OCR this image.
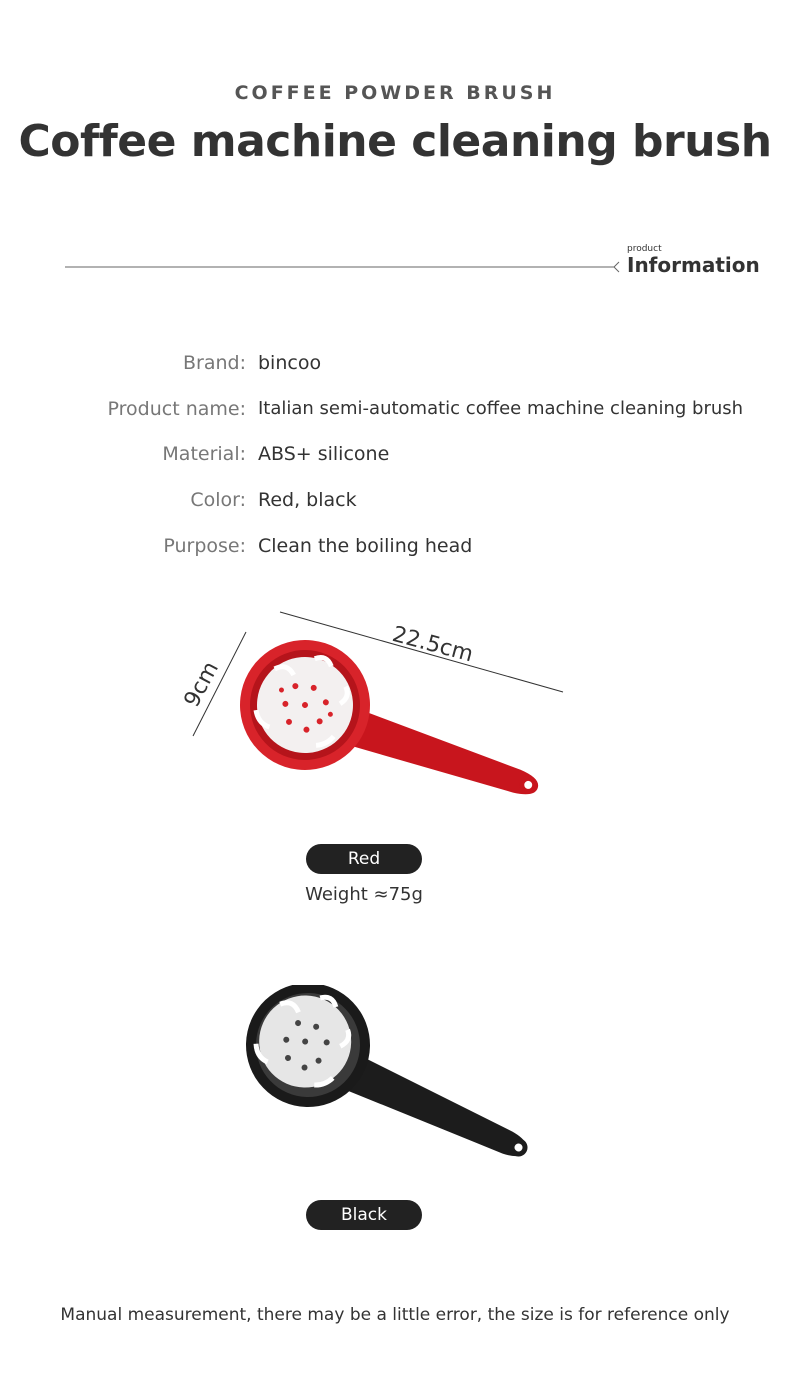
COFFEE POWDER BRUSH
Coffee machine cleaning brush
product
Information
Brand: bincoo
Product name: Italian semi-automatic coffee machine cleaning brush
Material: ABS+ silicone
Color: Red, black
Purpose: Clean the boiling head
22.5cm
9cm
Red
Weight ≈75g
Black
Manual measurement, there may be a little error, the size is for reference only
